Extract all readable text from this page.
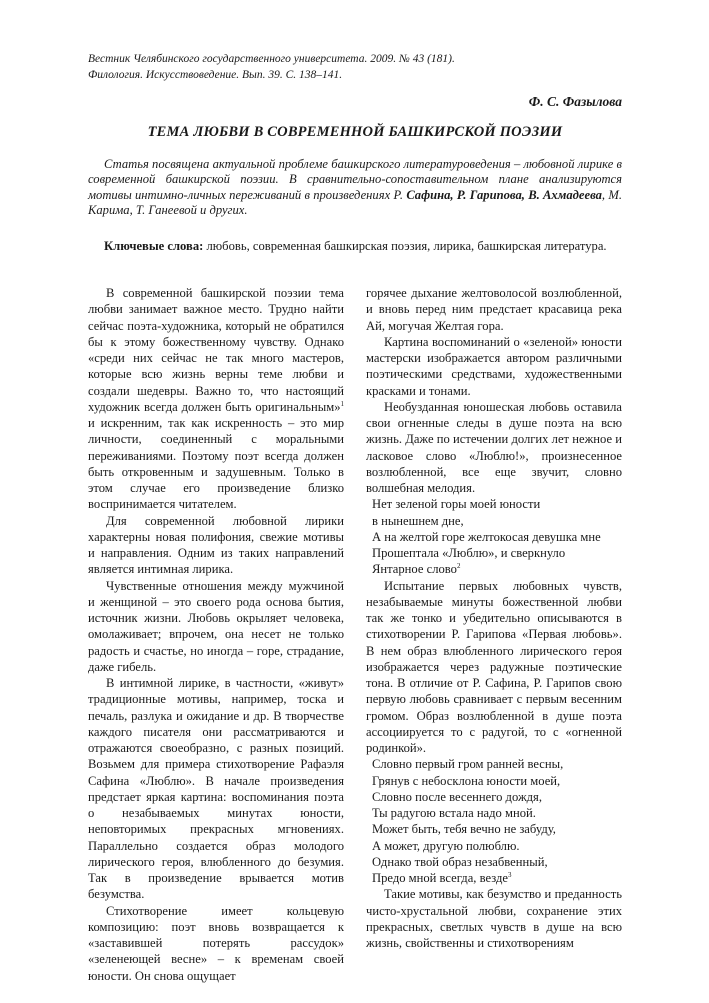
Вестник Челябинского государственного университета. 2009. № 43 (181).
Филология. Искусствоведение. Вып. 39. С. 138–141.
Ф. С. Фазылова
ТЕМА ЛЮБВИ В СОВРЕМЕННОЙ БАШКИРСКОЙ ПОЭЗИИ
Статья посвящена актуальной проблеме башкирского литературоведения – любовной лирике в современной башкирской поэзии. В сравнительно-сопоставительном плане анализируются мотивы интимно-личных переживаний в произведениях Р. Сафина, Р. Гарипова, В. Ахмадеева, М. Карима, Т. Ганеевой и других.
Ключевые слова: любовь, современная башкирская поэзия, лирика, башкирская литература.

В современной башкирской поэзии тема любви занимает важное место. Трудно найти сейчас поэта-художника, который не обратился бы к этому божественному чувству. Однако «среди них сейчас не так много мастеров, которые всю жизнь верны теме любви и создали шедевры. Важно то, что настоящий художник всегда должен быть оригинальным»$^1$ и искренним, так как искренность – это мир личности, соединенный с моральными переживаниями. Поэтому поэт всегда должен быть откровенным и задушевным. Только в этом случае его произведение близко воспринимается читателем.

Для современной любовной лирики характерны новая полифония, свежие мотивы и направления. Одним из таких направлений является интимная лирика.

Чувственные отношения между мужчиной и женщиной – это своего рода основа бытия, источник жизни. Любовь окрыляет человека, омолаживает; впрочем, она несет не только радость и счастье, но иногда – горе, страдание, даже гибель.

В интимной лирике, в частности, «живут» традиционные мотивы, например, тоска и печаль, разлука и ожидание и др. В творчестве каждого писателя они рассматриваются и отражаются своеобразно, с разных позиций. Возьмем для примера стихотворение Рафаэля Сафина «Люблю». В начале произведения предстает яркая картина: воспоминания поэта о незабываемых минутах юности, неповторимых прекрасных мгновениях. Параллельно создается образ молодого лирического героя, влюбленного до безумия. Так в произведение врывается мотив безумства.

Стихотворение имеет кольцевую композицию: поэт вновь возвращается к «заставившей потерять рассудок» «зеленеющей весне» – к временам своей юности. Он снова ощущает

горячее дыхание желтоволосой возлюбленной, и вновь перед ним предстает красавица река Ай, могучая Желтая гора.

Картина воспоминаний о «зеленой» юности мастерски изображается автором различными поэтическими средствами, художественными красками и тонами.

Необузданная юношеская любовь оставила свои огненные следы в душе поэта на всю жизнь. Даже по истечении долгих лет нежное и ласковое слово «Люблю!», произнесенное возлюбленной, все еще звучит, словно волшебная мелодия.

Нет зеленой горы моей юности
в нынешнем дне,
А на желтой горе желтокосая девушка мне
Прошептала «Люблю», и сверкнуло
Янтарное слово$^2$

Испытание первых любовных чувств, незабываемые минуты божественной любви так же тонко и убедительно описываются в стихотворении Р. Гарипова «Первая любовь». В нем образ влюбленного лирического героя изображается через радужные поэтические тона. В отличие от Р. Сафина, Р. Гарипов свою первую любовь сравнивает с первым весенним громом. Образ возлюбленной в душе поэта ассоциируется то с радугой, то с «огненной родинкой».

Словно первый гром ранней весны,
Грянув с небосклона юности моей,
Словно после весеннего дождя,
Ты радугою встала надо мной.
Может быть, тебя вечно не забуду,
А может, другую полюблю.
Однако твой образ незабвенный,
Предо мной всегда, везде$^3$

Такие мотивы, как безумство и преданность чисто-хрустальной любви, сохранение этих прекрасных, светлых чувств в душе на всю жизнь, свойственны и стихотворениям
